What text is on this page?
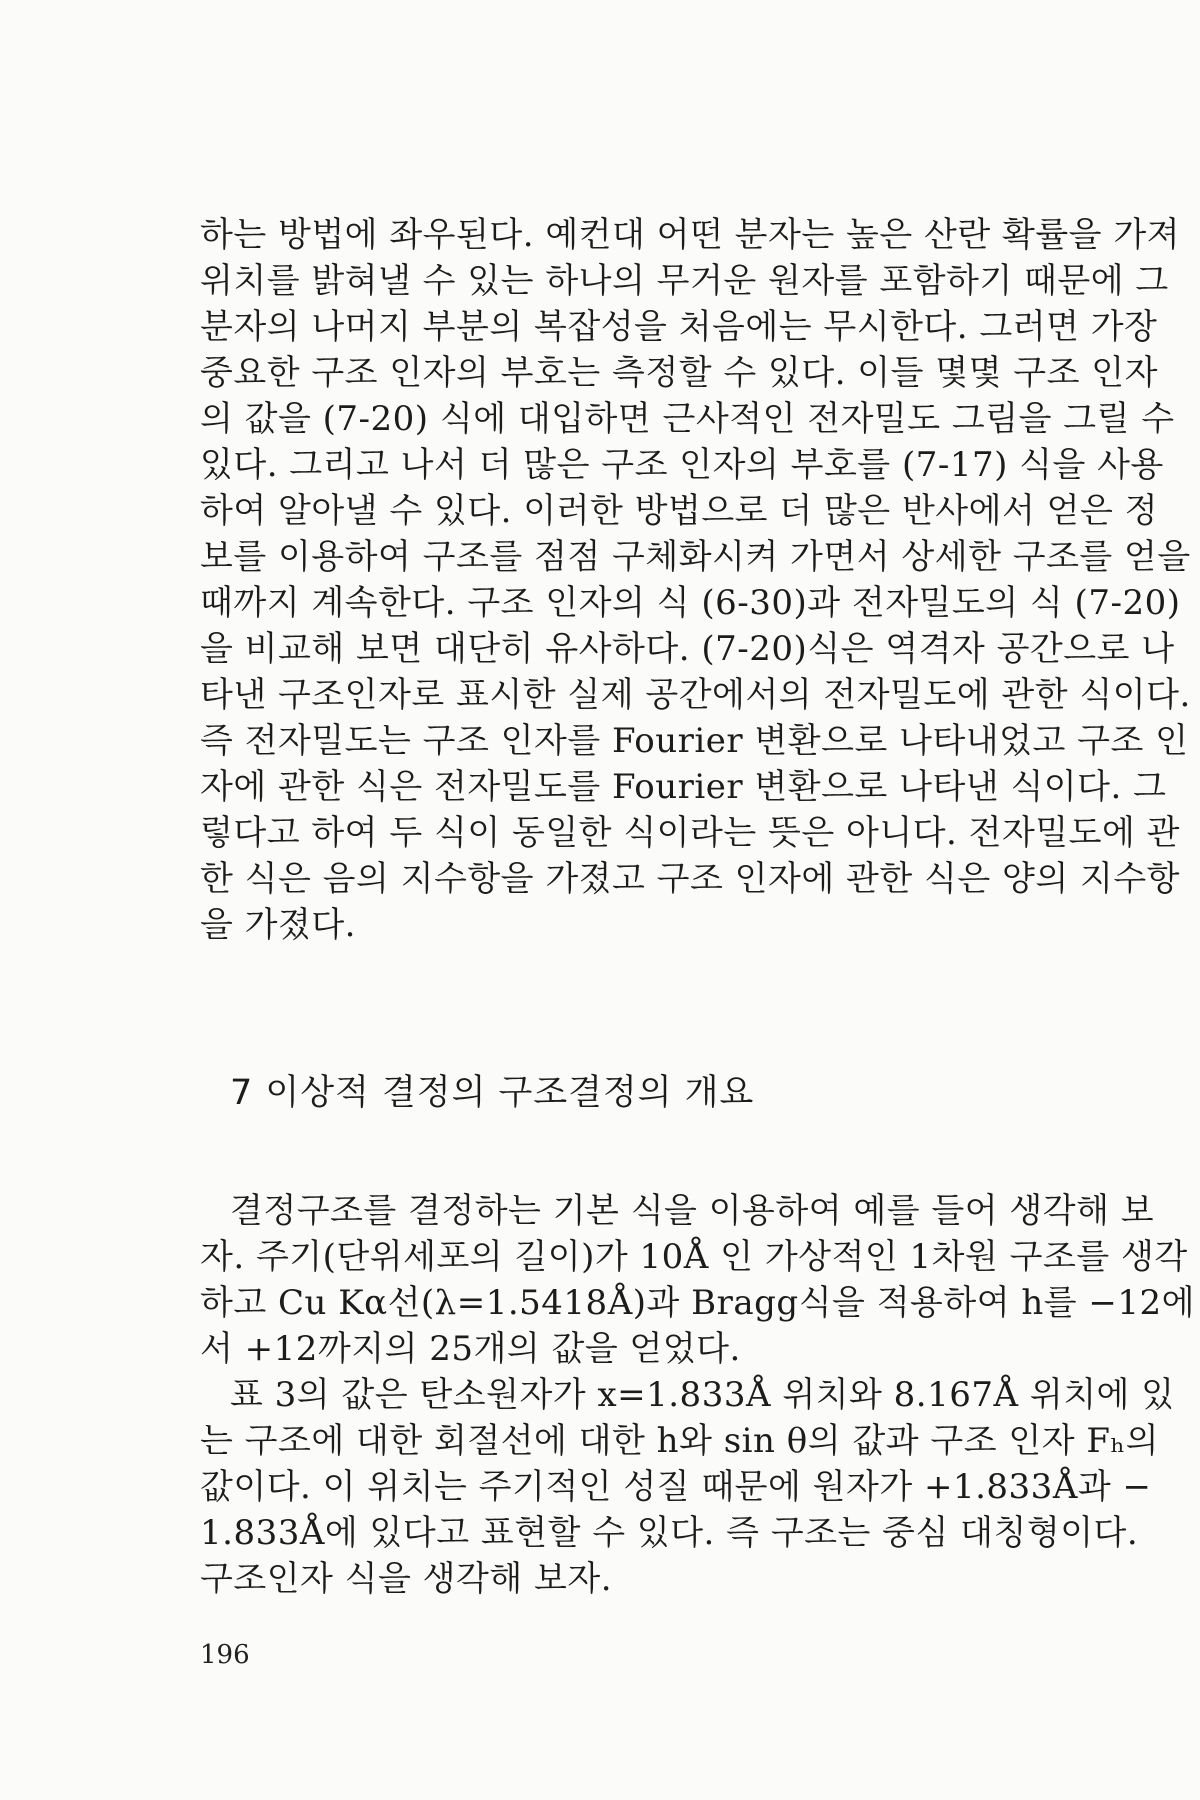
하는 방법에 좌우된다. 예컨대 어떤 분자는 높은 산란 확률을 가져
위치를 밝혀낼 수 있는 하나의 무거운 원자를 포함하기 때문에 그
분자의 나머지 부분의 복잡성을 처음에는 무시한다. 그러면 가장
중요한 구조 인자의 부호는 측정할 수 있다. 이들 몇몇 구조 인자
의 값을 (7-20) 식에 대입하면 근사적인 전자밀도 그림을 그릴 수
있다. 그리고 나서 더 많은 구조 인자의 부호를 (7-17) 식을 사용
하여 알아낼 수 있다. 이러한 방법으로 더 많은 반사에서 얻은 정
보를 이용하여 구조를 점점 구체화시켜 가면서 상세한 구조를 얻을
때까지 계속한다. 구조 인자의 식 (6-30)과 전자밀도의 식 (7-20)
을 비교해 보면 대단히 유사하다. (7-20)식은 역격자 공간으로 나
타낸 구조인자로 표시한 실제 공간에서의 전자밀도에 관한 식이다.
즉 전자밀도는 구조 인자를 Fourier 변환으로 나타내었고 구조 인
자에 관한 식은 전자밀도를 Fourier 변환으로 나타낸 식이다. 그
렇다고 하여 두 식이 동일한 식이라는 뜻은 아니다. 전자밀도에 관
한 식은 음의 지수항을 가졌고 구조 인자에 관한 식은 양의 지수항
을 가졌다.
7 이상적 결정의 구조결정의 개요
결정구조를 결정하는 기본 식을 이용하여 예를 들어 생각해 보
자. 주기(단위세포의 길이)가 10Å 인 가상적인 1차원 구조를 생각
하고 Cu Kα선(λ=1.5418Å)과 Bragg식을 적용하여 h를 −12에
서 +12까지의 25개의 값을 얻었다.
표 3의 값은 탄소원자가 x=1.833Å 위치와 8.167Å 위치에 있
는 구조에 대한 회절선에 대한 h와 sin θ의 값과 구조 인자 Fₕ의
값이다. 이 위치는 주기적인 성질 때문에 원자가 +1.833Å과 −
1.833Å에 있다고 표현할 수 있다. 즉 구조는 중심 대칭형이다.
구조인자 식을 생각해 보자.
196
